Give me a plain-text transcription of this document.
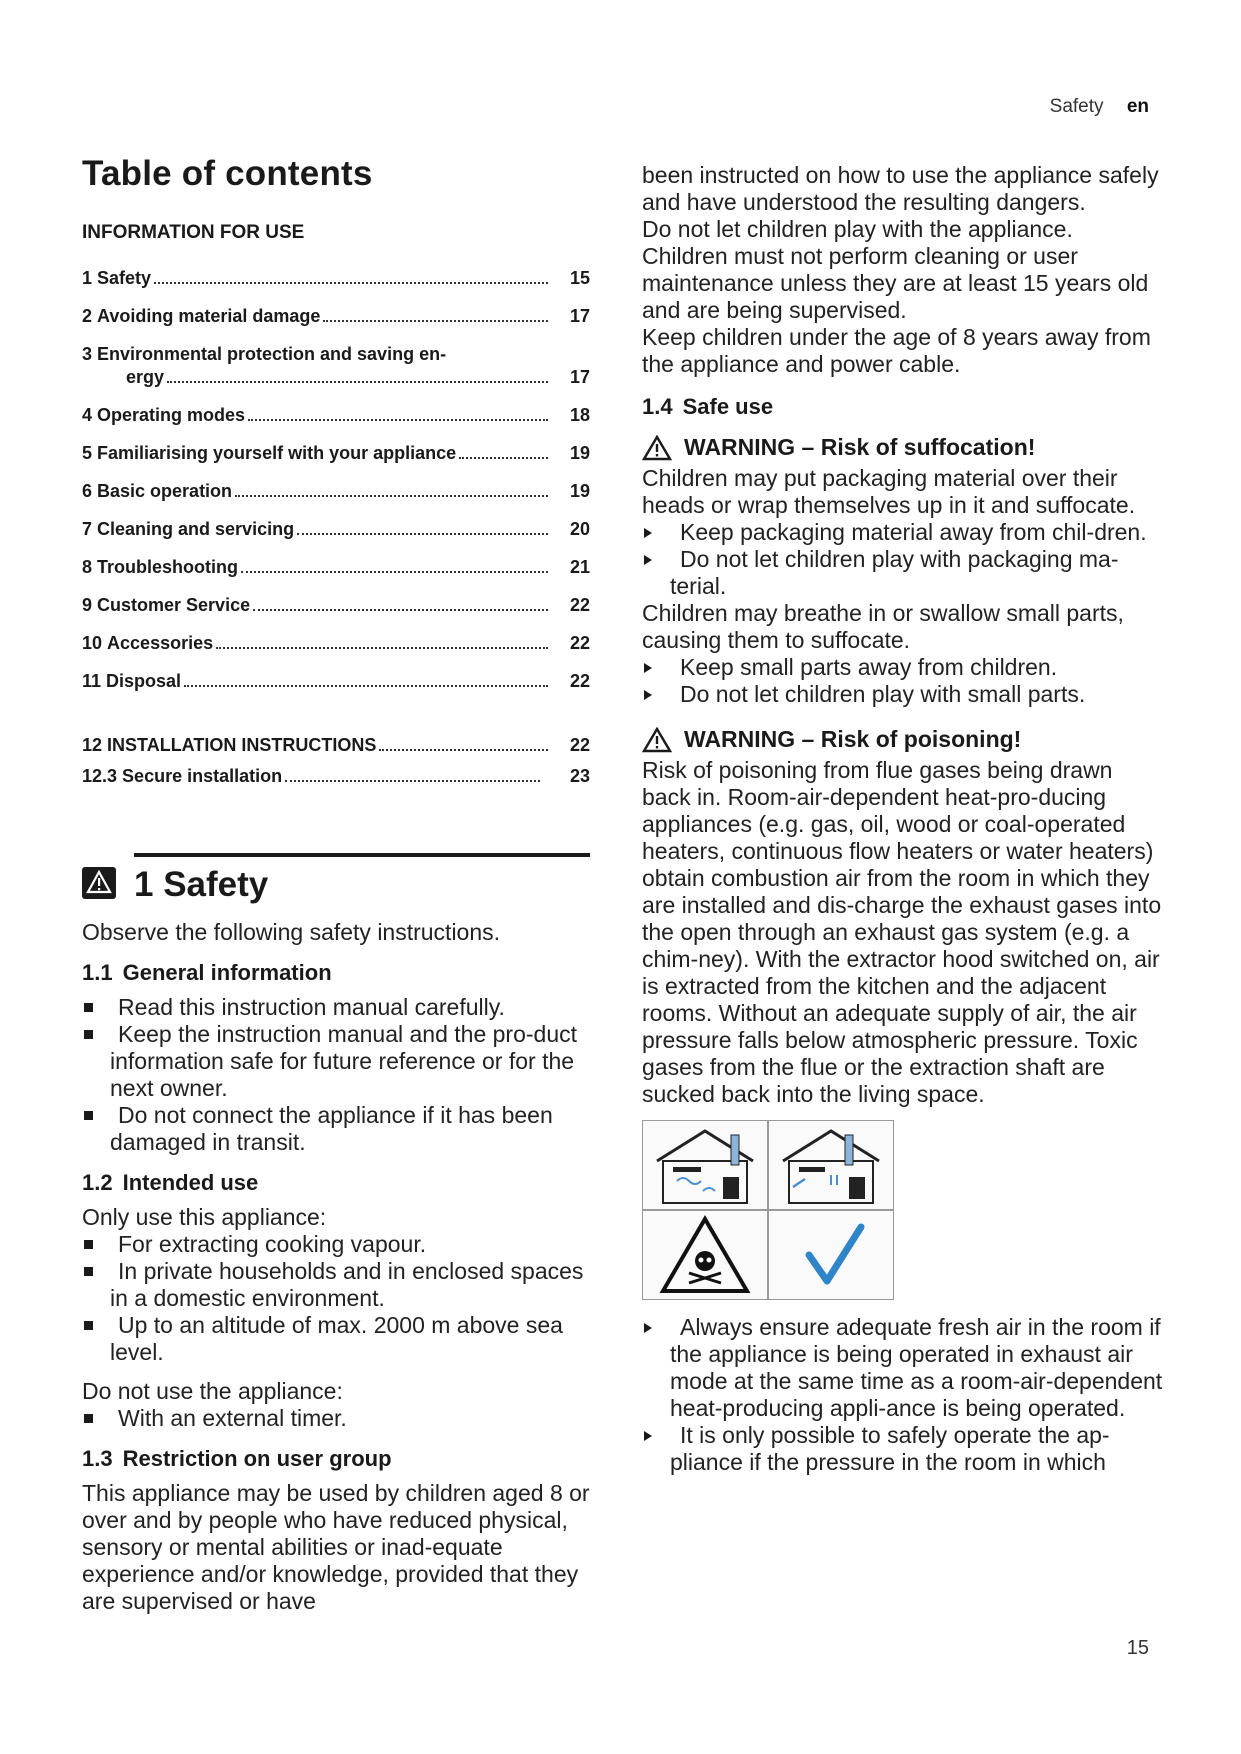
Safety en
Table of contents
INFORMATION FOR USE
1 Safety	15
2 Avoiding material damage	17
3 Environmental protection and saving en-
ergy	17
4 Operating modes	18
5 Familiarising yourself with your appliance	19
6 Basic operation	19
7 Cleaning and servicing	20
8 Troubleshooting	21
9 Customer Service	22
10 Accessories	22
11 Disposal	22
12 INSTALLATION INSTRUCTIONS	22
12.3 Secure installation	23
1 Safety

Observe the following safety instructions.

1.1 General information
Read this instruction manual carefully.
Keep the instruction manual and the pro-duct information safe for future reference or for the next owner.
Do not connect the appliance if it has been damaged in transit.
1.2 Intended use

Only use this appliance:

For extracting cooking vapour.
In private households and in enclosed spaces in a domestic environment.
Up to an altitude of max. 2000 m above sea level.

Do not use the appliance:

With an external timer.
1.3 Restriction on user group

This appliance may be used by children aged 8 or over and by people who have reduced physical, sensory or mental abilities or inad-equate experience and/or knowledge, provided that they are supervised or have

been instructed on how to use the appliance safely and have understood the resulting dangers.

Do not let children play with the appliance.

Children must not perform cleaning or user maintenance unless they are at least 15 years old and are being supervised.

Keep children under the age of 8 years away from the appliance and power cable.

1.4 Safe use
WARNING – Risk of suffocation!

Children may put packaging material over their heads or wrap themselves up in it and suffocate.

Keep packaging material away from chil-dren.
Do not let children play with packaging ma-terial.

Children may breathe in or swallow small parts, causing them to suffocate.

Keep small parts away from children.
Do not let children play with small parts.
WARNING – Risk of poisoning!

Risk of poisoning from flue gases being drawn back in. Room-air-dependent heat-pro-ducing appliances (e.g. gas, oil, wood or coal-operated heaters, continuous flow heaters or water heaters) obtain combustion air from the room in which they are installed and dis-charge the exhaust gases into the open through an exhaust gas system (e.g. a chim-ney). With the extractor hood switched on, air is extracted from the kitchen and the adjacent rooms. Without an adequate supply of air, the air pressure falls below atmospheric pressure. Toxic gases from the flue or the extraction shaft are sucked back into the living space.

Always ensure adequate fresh air in the room if the appliance is being operated in exhaust air mode at the same time as a room-air-dependent heat-producing appli-ance is being operated.
It is only possible to safely operate the ap-pliance if the pressure in the room in which
15
